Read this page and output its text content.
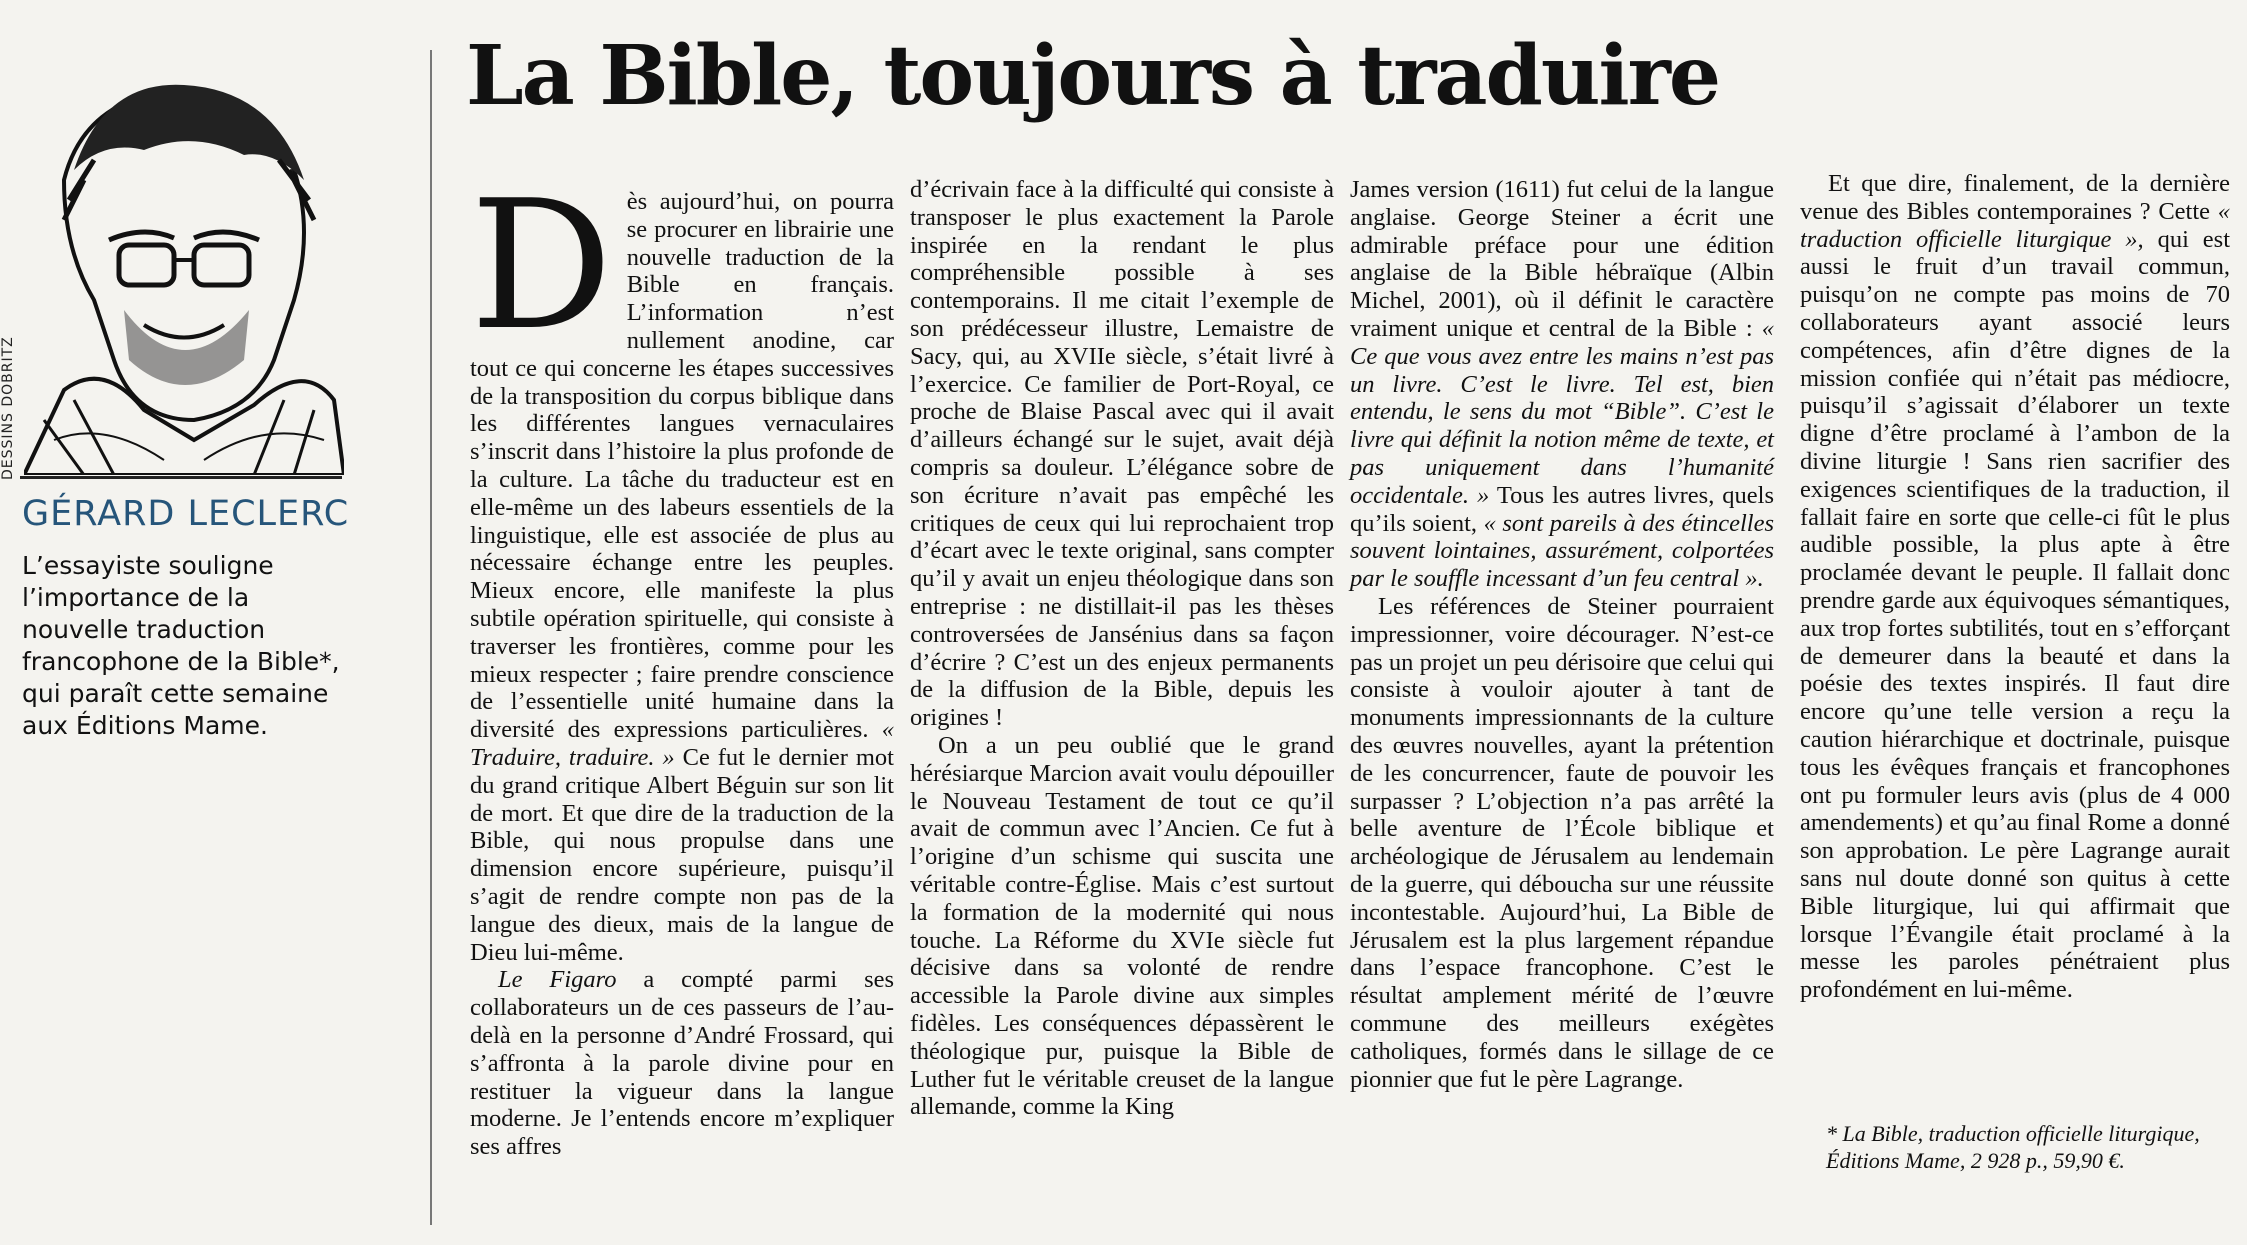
DESSINS DOBRITZ
GÉRARD LECLERC
L’essayiste souligne l’importance de la nouvelle traduction francophone de la Bible*, qui paraît cette semaine aux Éditions Mame.
La Bible, toujours à traduire

Dès aujourd’hui, on pourra se procurer en librairie une nouvelle traduction de la Bible en français. L’information n’est nullement anodine, car tout ce qui concerne les étapes successives de la transposition du corpus biblique dans les différentes langues vernaculaires s’inscrit dans l’histoire la plus profonde de la culture. La tâche du traducteur est en elle-même un des labeurs essentiels de la linguistique, elle est associée de plus au nécessaire échange entre les peuples. Mieux encore, elle manifeste la plus subtile opération spirituelle, qui consiste à traverser les frontières, comme pour les mieux respecter ; faire prendre conscience de l’essentielle unité humaine dans la diversité des expressions particulières. « Traduire, traduire. » Ce fut le dernier mot du grand critique Albert Béguin sur son lit de mort. Et que dire de la traduction de la Bible, qui nous propulse dans une dimension encore supérieure, puisqu’il s’agit de rendre compte non pas de la langue des dieux, mais de la langue de Dieu lui-même.

Le Figaro a compté parmi ses collaborateurs un de ces passeurs de l’au-delà en la personne d’André Frossard, qui s’affronta à la parole divine pour en restituer la vigueur dans la langue moderne. Je l’entends encore m’expliquer ses affres

d’écrivain face à la difficulté qui consiste à transposer le plus exactement la Parole inspirée en la rendant le plus compréhensible possible à ses contemporains. Il me citait l’exemple de son prédécesseur illustre, Lemaistre de Sacy, qui, au XVIIe siècle, s’était livré à l’exercice. Ce familier de Port-Royal, ce proche de Blaise Pascal avec qui il avait d’ailleurs échangé sur le sujet, avait déjà compris sa douleur. L’élégance sobre de son écriture n’avait pas empêché les critiques de ceux qui lui reprochaient trop d’écart avec le texte original, sans compter qu’il y avait un enjeu théologique dans son entreprise : ne distillait-il pas les thèses controversées de Jansénius dans sa façon d’écrire ? C’est un des enjeux permanents de la diffusion de la Bible, depuis les origines !

On a un peu oublié que le grand hérésiarque Marcion avait voulu dépouiller le Nouveau Testament de tout ce qu’il avait de commun avec l’Ancien. Ce fut à l’origine d’un schisme qui suscita une véritable contre-Église. Mais c’est surtout la formation de la modernité qui nous touche. La Réforme du XVIe siècle fut décisive dans sa volonté de rendre accessible la Parole divine aux simples fidèles. Les conséquences dépassèrent le théologique pur, puisque la Bible de Luther fut le véritable creuset de la langue allemande, comme la King

James version (1611) fut celui de la langue anglaise. George Steiner a écrit une admirable préface pour une édition anglaise de la Bible hébraïque (Albin Michel, 2001), où il définit le caractère vraiment unique et central de la Bible : « Ce que vous avez entre les mains n’est pas un livre. C’est le livre. Tel est, bien entendu, le sens du mot “Bible”. C’est le livre qui définit la notion même de texte, et pas uniquement dans l’humanité occidentale. » Tous les autres livres, quels qu’ils soient, « sont pareils à des étincelles souvent lointaines, assurément, colportées par le souffle incessant d’un feu central ».

Les références de Steiner pourraient impressionner, voire décourager. N’est-ce pas un projet un peu dérisoire que celui qui consiste à vouloir ajouter à tant de monuments impressionnants de la culture des œuvres nouvelles, ayant la prétention de les concurrencer, faute de pouvoir les surpasser ? L’objection n’a pas arrêté la belle aventure de l’École biblique et archéologique de Jérusalem au lendemain de la guerre, qui déboucha sur une réussite incontestable. Aujourd’hui, La Bible de Jérusalem est la plus largement répandue dans l’espace francophone. C’est le résultat amplement mérité de l’œuvre commune des meilleurs exégètes catholiques, formés dans le sillage de ce pionnier que fut le père Lagrange.

Et que dire, finalement, de la dernière venue des Bibles contemporaines ? Cette « traduction officielle liturgique », qui est aussi le fruit d’un travail commun, puisqu’on ne compte pas moins de 70 collaborateurs ayant associé leurs compétences, afin d’être dignes de la mission confiée qui n’était pas médiocre, puisqu’il s’agissait d’élaborer un texte digne d’être proclamé à l’ambon de la divine liturgie ! Sans rien sacrifier des exigences scientifiques de la traduction, il fallait faire en sorte que celle-ci fût le plus audible possible, la plus apte à être proclamée devant le peuple. Il fallait donc prendre garde aux équivoques sémantiques, aux trop fortes subtilités, tout en s’efforçant de demeurer dans la beauté et dans la poésie des textes inspirés. Il faut dire encore qu’une telle version a reçu la caution hiérarchique et doctrinale, puisque tous les évêques français et francophones ont pu formuler leurs avis (plus de 4 000 amendements) et qu’au final Rome a donné son approbation. Le père Lagrange aurait sans nul doute donné son quitus à cette Bible liturgique, lui qui affirmait que lorsque l’Évangile était proclamé à la messe les paroles pénétraient plus profondément en lui-même.

* La Bible, traduction officielle liturgique, Éditions Mame, 2 928 p., 59,90 €.
